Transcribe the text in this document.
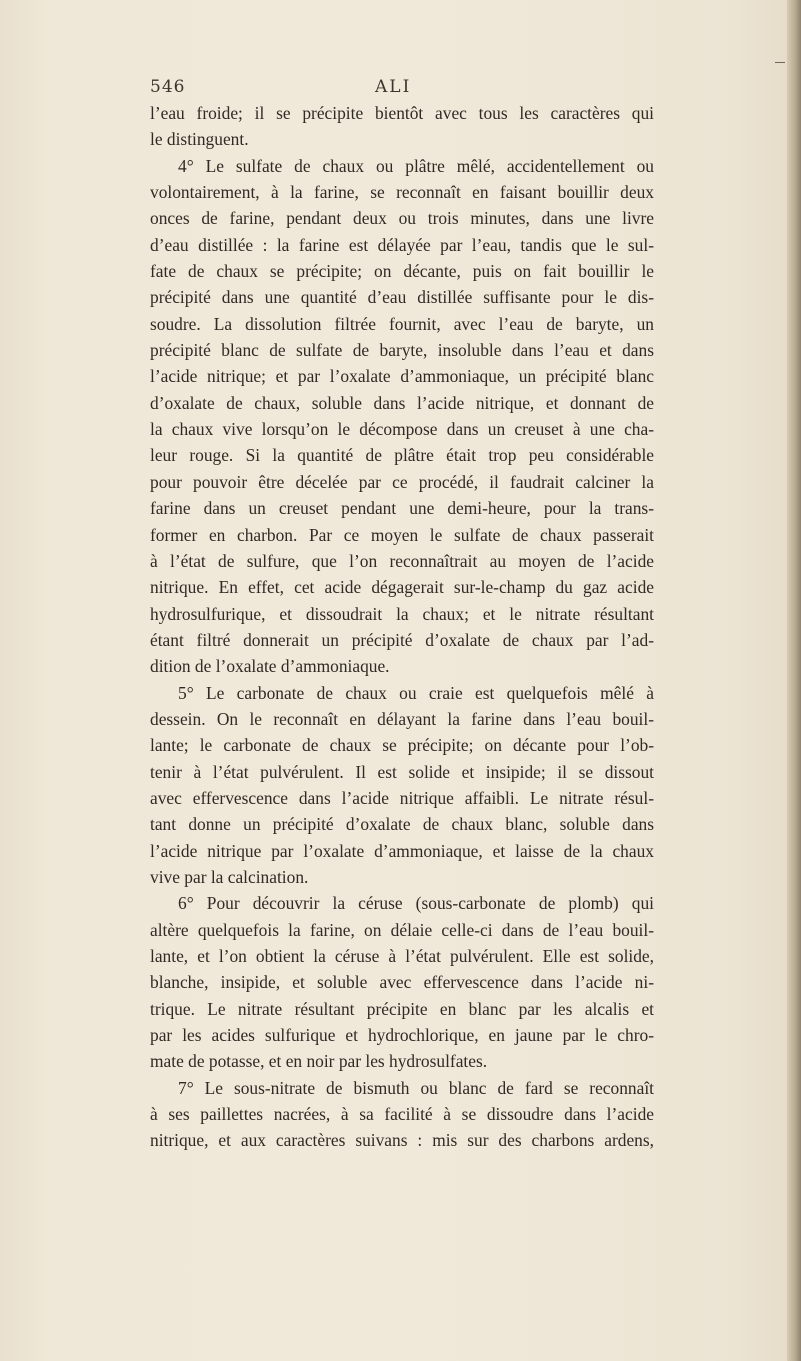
546	ALI
l’eau froide; il se précipite bientôt avec tous les caractères qui
le distinguent.
4° Le sulfate de chaux ou plâtre mêlé, accidentellement ou
volontairement, à la farine, se reconnaît en faisant bouillir deux
onces de farine, pendant deux ou trois minutes, dans une livre
d’eau distillée : la farine est délayée par l’eau, tandis que le sul-
fate de chaux se précipite; on décante, puis on fait bouillir le
précipité dans une quantité d’eau distillée suffisante pour le dis-
soudre. La dissolution filtrée fournit, avec l’eau de baryte, un
précipité blanc de sulfate de baryte, insoluble dans l’eau et dans
l’acide nitrique; et par l’oxalate d’ammoniaque, un précipité blanc
d’oxalate de chaux, soluble dans l’acide nitrique, et donnant de
la chaux vive lorsqu’on le décompose dans un creuset à une cha-
leur rouge. Si la quantité de plâtre était trop peu considérable
pour pouvoir être décelée par ce procédé, il faudrait calciner la
farine dans un creuset pendant une demi-heure, pour la trans-
former en charbon. Par ce moyen le sulfate de chaux passerait
à l’état de sulfure, que l’on reconnaîtrait au moyen de l’acide
nitrique. En effet, cet acide dégagerait sur-le-champ du gaz acide
hydrosulfurique, et dissoudrait la chaux; et le nitrate résultant
étant filtré donnerait un précipité d’oxalate de chaux par l’ad-
dition de l’oxalate d’ammoniaque.
5° Le carbonate de chaux ou craie est quelquefois mêlé à
dessein. On le reconnaît en délayant la farine dans l’eau bouil-
lante; le carbonate de chaux se précipite; on décante pour l’ob-
tenir à l’état pulvérulent. Il est solide et insipide; il se dissout
avec effervescence dans l’acide nitrique affaibli. Le nitrate résul-
tant donne un précipité d’oxalate de chaux blanc, soluble dans
l’acide nitrique par l’oxalate d’ammoniaque, et laisse de la chaux
vive par la calcination.
6° Pour découvrir la céruse (sous-carbonate de plomb) qui
altère quelquefois la farine, on délaie celle-ci dans de l’eau bouil-
lante, et l’on obtient la céruse à l’état pulvérulent. Elle est solide,
blanche, insipide, et soluble avec effervescence dans l’acide ni-
trique. Le nitrate résultant précipite en blanc par les alcalis et
par les acides sulfurique et hydrochlorique, en jaune par le chro-
mate de potasse, et en noir par les hydrosulfates.
7° Le sous-nitrate de bismuth ou blanc de fard se reconnaît
à ses paillettes nacrées, à sa facilité à se dissoudre dans l’acide
nitrique, et aux caractères suivans : mis sur des charbons ardens,
